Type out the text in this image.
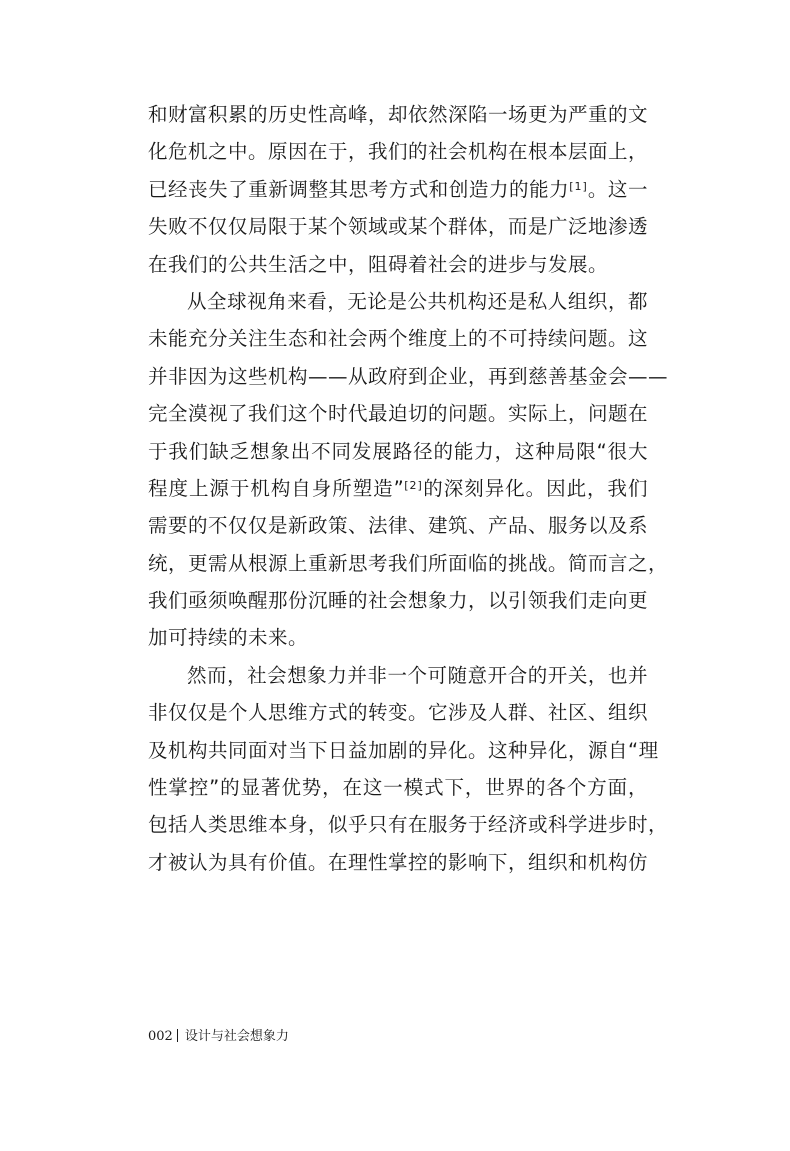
和财富积累的历史性高峰，却依然深陷一场更为严重的文
化危机之中。原因在于，我们的社会机构在根本层面上，
已经丧失了重新调整其思考方式和创造力的能力[1]。这一
失败不仅仅局限于某个领域或某个群体，而是广泛地渗透
在我们的公共生活之中，阻碍着社会的进步与发展。
从全球视角来看，无论是公共机构还是私人组织，都
未能充分关注生态和社会两个维度上的不可持续问题。这
并非因为这些机构——从政府到企业，再到慈善基金会——
完全漠视了我们这个时代最迫切的问题。实际上，问题在
于我们缺乏想象出不同发展路径的能力，这种局限“很大
程度上源于机构自身所塑造”[2]的深刻异化。因此，我们
需要的不仅仅是新政策、法律、建筑、产品、服务以及系
统，更需从根源上重新思考我们所面临的挑战。简而言之，
我们亟须唤醒那份沉睡的社会想象力，以引领我们走向更
加可持续的未来。
然而，社会想象力并非一个可随意开合的开关，也并
非仅仅是个人思维方式的转变。它涉及人群、社区、组织
及机构共同面对当下日益加剧的异化。这种异化，源自“理
性掌控”的显著优势，在这一模式下，世界的各个方面，
包括人类思维本身，似乎只有在服务于经济或科学进步时，
才被认为具有价值。在理性掌控的影响下，组织和机构仿
002 设计与社会想象力
